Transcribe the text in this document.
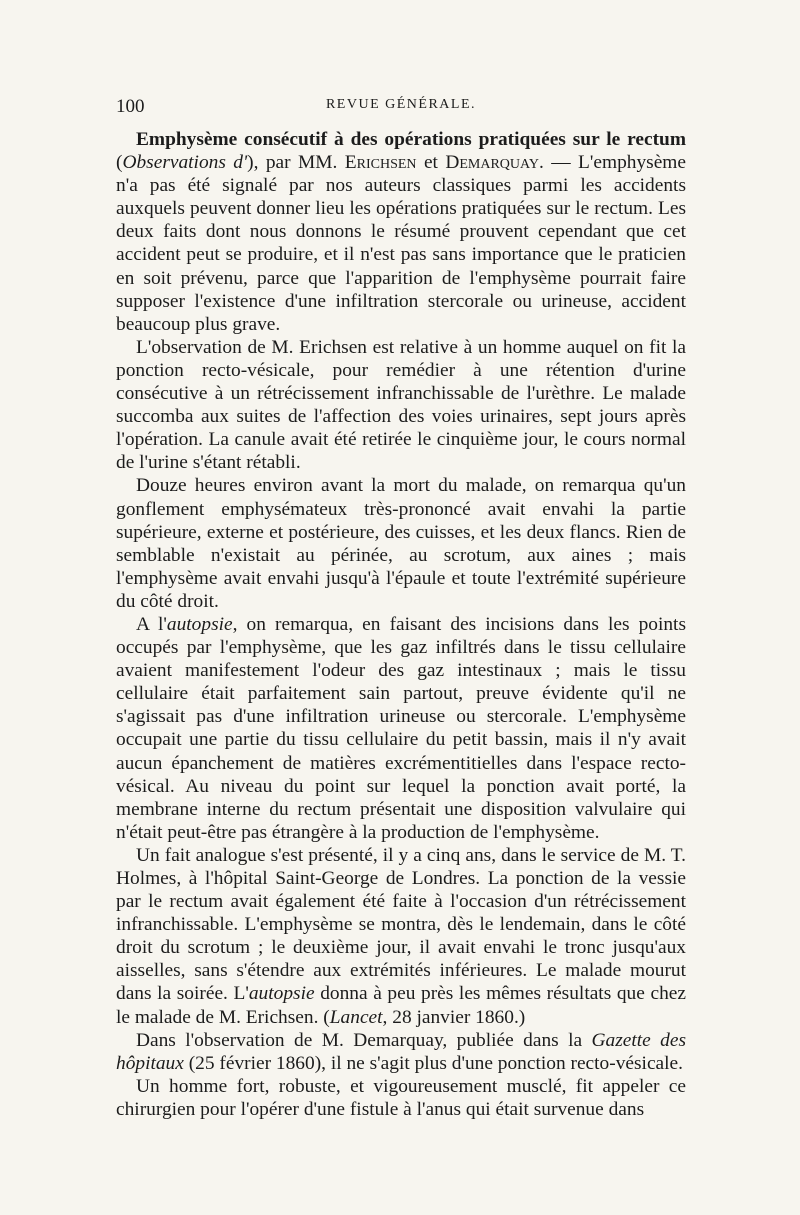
100	REVUE GÉNÉRALE.

Emphysème consécutif à des opérations pratiquées sur le rectum (Observations d'), par MM. Erichsen et Demarquay. — L'emphysème n'a pas été signalé par nos auteurs classiques parmi les accidents auxquels peuvent donner lieu les opérations pratiquées sur le rectum. Les deux faits dont nous donnons le résumé prouvent cependant que cet accident peut se produire, et il n'est pas sans importance que le praticien en soit prévenu, parce que l'apparition de l'emphysème pourrait faire supposer l'existence d'une infiltration stercorale ou urineuse, accident beaucoup plus grave.

L'observation de M. Erichsen est relative à un homme auquel on fit la ponction recto-vésicale, pour remédier à une rétention d'urine consécutive à un rétrécissement infranchissable de l'urèthre. Le malade succomba aux suites de l'affection des voies urinaires, sept jours après l'opération. La canule avait été retirée le cinquième jour, le cours normal de l'urine s'étant rétabli.

Douze heures environ avant la mort du malade, on remarqua qu'un gonflement emphysémateux très-prononcé avait envahi la partie supérieure, externe et postérieure, des cuisses, et les deux flancs. Rien de semblable n'existait au périnée, au scrotum, aux aines ; mais l'emphysème avait envahi jusqu'à l'épaule et toute l'extrémité supérieure du côté droit.

A l'autopsie, on remarqua, en faisant des incisions dans les points occupés par l'emphysème, que les gaz infiltrés dans le tissu cellulaire avaient manifestement l'odeur des gaz intestinaux ; mais le tissu cellulaire était parfaitement sain partout, preuve évidente qu'il ne s'agissait pas d'une infiltration urineuse ou stercorale. L'emphysème occupait une partie du tissu cellulaire du petit bassin, mais il n'y avait aucun épanchement de matières excrémentitielles dans l'espace recto-vésical. Au niveau du point sur lequel la ponction avait porté, la membrane interne du rectum présentait une disposition valvulaire qui n'était peut-être pas étrangère à la production de l'emphysème.

Un fait analogue s'est présenté, il y a cinq ans, dans le service de M. T. Holmes, à l'hôpital Saint-George de Londres. La ponction de la vessie par le rectum avait également été faite à l'occasion d'un rétrécissement infranchissable. L'emphysème se montra, dès le lendemain, dans le côté droit du scrotum ; le deuxième jour, il avait envahi le tronc jusqu'aux aisselles, sans s'étendre aux extrémités inférieures. Le malade mourut dans la soirée. L'autopsie donna à peu près les mêmes résultats que chez le malade de M. Erichsen. (Lancet, 28 janvier 1860.)

Dans l'observation de M. Demarquay, publiée dans la Gazette des hôpitaux (25 février 1860), il ne s'agit plus d'une ponction recto-vésicale.

Un homme fort, robuste, et vigoureusement musclé, fit appeler ce chirurgien pour l'opérer d'une fistule à l'anus qui était survenue dans
